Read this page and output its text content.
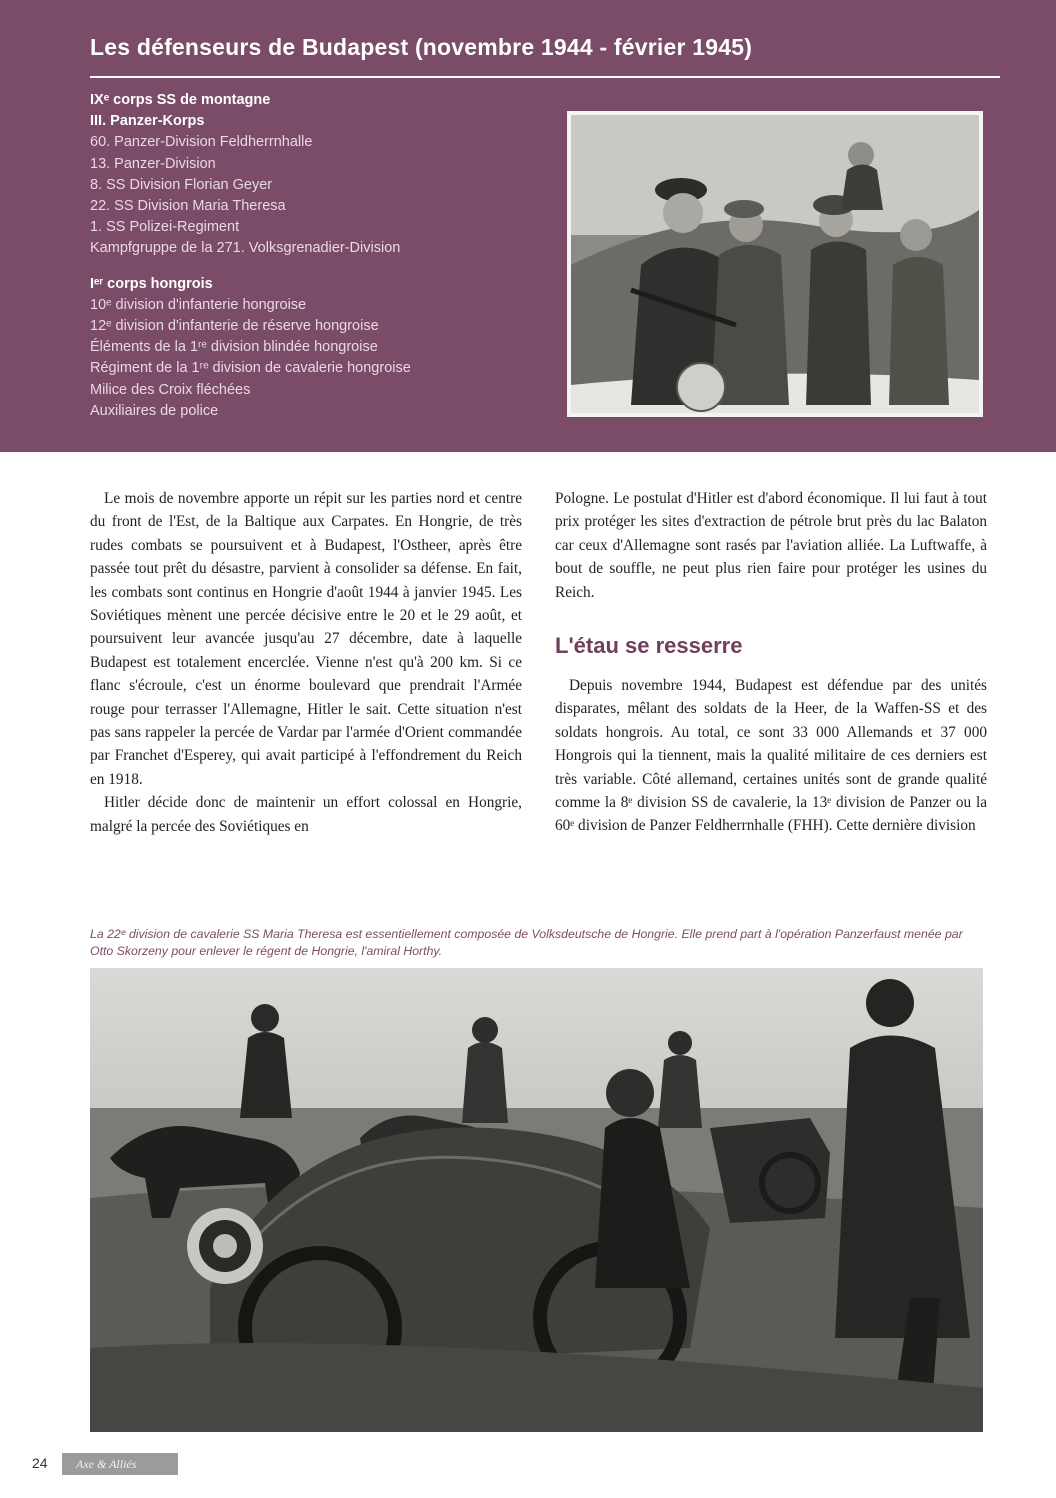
Les défenseurs de Budapest (novembre 1944 - février 1945)
IXᵉ corps SS de montagne
III. Panzer-Korps
60. Panzer-Division Feldherrnhalle
13. Panzer-Division
8. SS Division Florian Geyer
22. SS Division Maria Theresa
1. SS Polizei-Regiment
Kampfgruppe de la 271. Volksgrenadier-Division
Iᵉʳ corps hongrois
10ᵉ division d'infanterie hongroise
12ᵉ division d'infanterie de réserve hongroise
Éléments de la 1ʳᵉ division blindée hongroise
Régiment de la 1ʳᵉ division de cavalerie hongroise
Milice des Croix fléchées
Auxiliaires de police

Le mois de novembre apporte un répit sur les parties nord et centre du front de l'Est, de la Baltique aux Carpates. En Hongrie, de très rudes combats se poursuivent et à Budapest, l'Ostheer, après être passée tout prêt du désastre, parvient à consolider sa défense. En fait, les combats sont continus en Hongrie d'août 1944 à janvier 1945. Les Soviétiques mènent une percée décisive entre le 20 et le 29 août, et poursuivent leur avancée jusqu'au 27 décembre, date à laquelle Budapest est totalement encerclée. Vienne n'est qu'à 200 km. Si ce flanc s'écroule, c'est un énorme boulevard que prendrait l'Armée rouge pour terrasser l'Allemagne, Hitler le sait. Cette situation n'est pas sans rappeler la percée de Vardar par l'armée d'Orient commandée par Franchet d'Esperey, qui avait participé à l'effondrement du Reich en 1918.

Hitler décide donc de maintenir un effort colossal en Hongrie, malgré la percée des Soviétiques en

Pologne. Le postulat d'Hitler est d'abord économique. Il lui faut à tout prix protéger les sites d'extraction de pétrole brut près du lac Balaton car ceux d'Allemagne sont rasés par l'aviation alliée. La Luftwaffe, à bout de souffle, ne peut plus rien faire pour protéger les usines du Reich.

L'étau se resserre

Depuis novembre 1944, Budapest est défendue par des unités disparates, mêlant des soldats de la Heer, de la Waffen-SS et des soldats hongrois. Au total, ce sont 33 000 Allemands et 37 000 Hongrois qui la tiennent, mais la qualité militaire de ces derniers est très variable. Côté allemand, certaines unités sont de grande qualité comme la 8ᵉ division SS de cavalerie, la 13ᵉ division de Panzer ou la 60ᵉ division de Panzer Feldherrnhalle (FHH). Cette dernière division

La 22ᵉ division de cavalerie SS Maria Theresa est essentiellement composée de Volksdeutsche de Hongrie. Elle prend part à l'opération Panzerfaust menée par Otto Skorzeny pour enlever le régent de Hongrie, l'amiral Horthy.
24	Axe & Alliés
